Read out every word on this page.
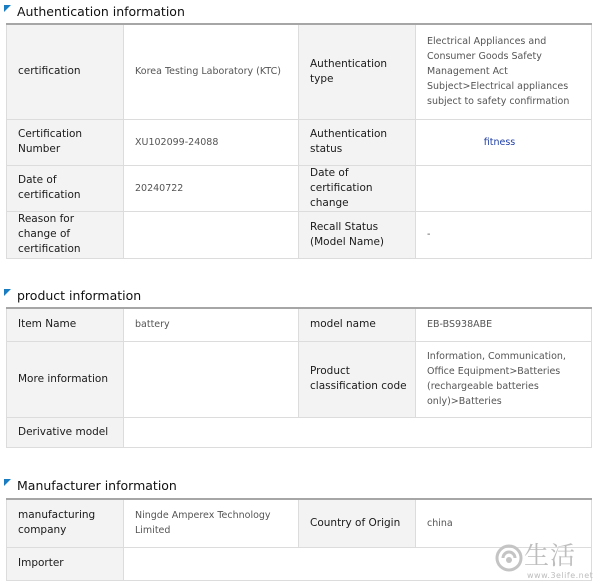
Authentication information
certification	Korea Testing Laboratory (KTC)	Authentication type	Electrical Appliances and Consumer Goods Safety Management Act Subject>Electrical appliances subject to safety confirmation
Certification Number	XU102099-24088	Authentication status	fitness
Date of certification	20240722	Date of certification change	
Reason for change of certification		Recall Status (Model Name)	-
product information
Item Name	battery	model name	EB-BS938ABE
More information		Product classification code	Information, Communication, Office Equipment>Batteries (rechargeable batteries only)>Batteries
Derivative model			
Manufacturer information
manufacturing company	Ningde Amperex Technology Limited	Country of Origin	china
Importer				生活
www.3elife.net
